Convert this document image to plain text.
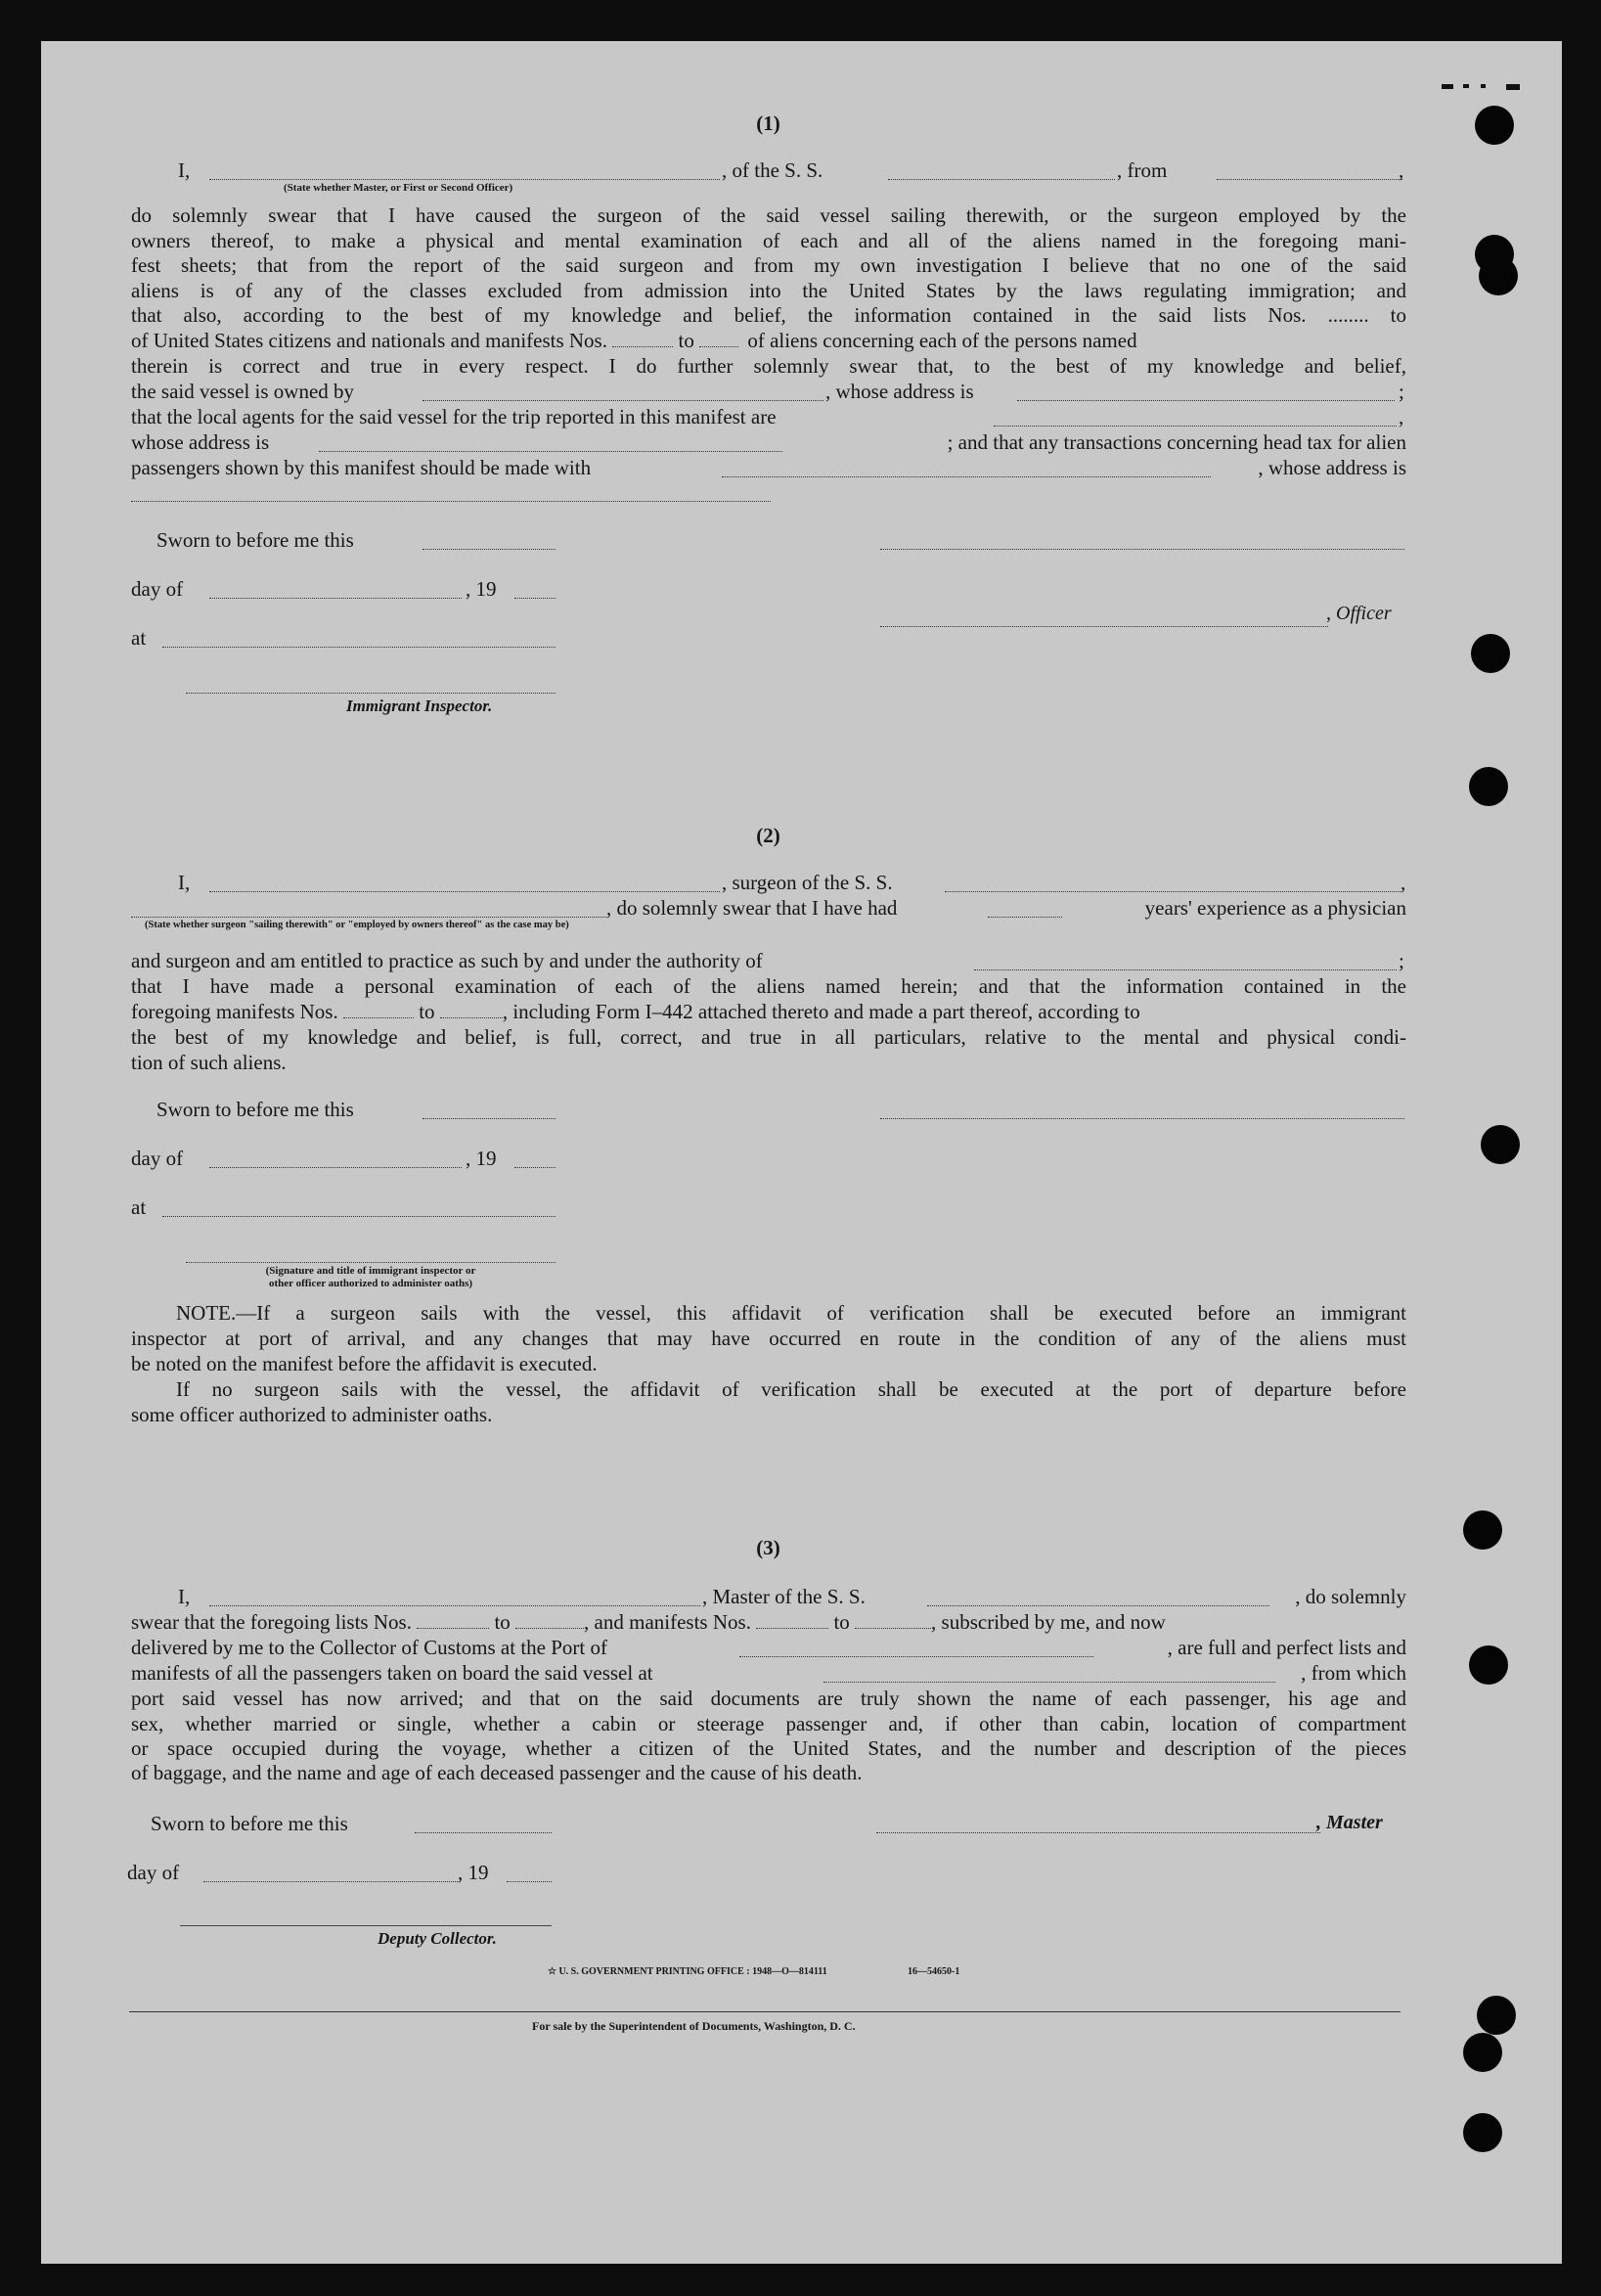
(1)
I,	, of the S. S.	, from	,
(State whether Master, or First or Second Officer)

do solemnly swear that I have caused the surgeon of the said vessel sailing therewith, or the surgeon employed by the
owners thereof, to make a physical and mental examination of each and all of the aliens named in the foregoing mani-
fest sheets; that from the report of the said surgeon and from my own investigation I believe that no one of the said
aliens is of any of the classes excluded from admission into the United States by the laws regulating immigration; and
that also, according to the best of my knowledge and belief, the information contained in the said lists Nos. ........ to

of United States citizens and nationals and manifests Nos.	to	of aliens concerning each of the persons named

therein is correct and true in every respect. I do further solemnly swear that, to the best of my knowledge and belief,

the said vessel is owned by	, whose address is	;
that the local agents for the said vessel for the trip reported in this manifest are	,
whose address is	; and that any transactions concerning head tax for alien
passengers shown by this manifest should be made with	, whose address is
Sworn to before me this
day of	, 19
, Officer
at
Immigrant Inspector.
(2)
I,	, surgeon of the S. S.	,
, do solemnly swear that I have had	years' experience as a physician
(State whether surgeon "sailing therewith" or "employed by owners thereof" as the case may be)
and surgeon and am entitled to practice as such by and under the authority of	;

that I have made a personal examination of each of the aliens named herein; and that the information contained in the

foregoing manifests Nos.	to	, including Form I–442 attached thereto and made a part thereof, according to

the best of my knowledge and belief, is full, correct, and true in all particulars, relative to the mental and physical condi-

tion of such aliens.
Sworn to before me this
day of	, 19
at
(Signature and title of immigrant inspector or
other officer authorized to administer oaths)

NOTE.—If a surgeon sails with the vessel, this affidavit of verification shall be executed before an immigrant
inspector at port of arrival, and any changes that may have occurred en route in the condition of any of the aliens must

be noted on the manifest before the affidavit is executed.

If no surgeon sails with the vessel, the affidavit of verification shall be executed at the port of departure before

some officer authorized to administer oaths.
(3)
I,	, Master of the S. S.	, do solemnly
swear that the foregoing lists Nos.	to	, and manifests Nos.	to	, subscribed by me, and now
delivered by me to the Collector of Customs at the Port of	, are full and perfect lists and
manifests of all the passengers taken on board the said vessel at	, from which

port said vessel has now arrived; and that on the said documents are truly shown the name of each passenger, his age and
sex, whether married or single, whether a cabin or steerage passenger and, if other than cabin, location of compartment
or space occupied during the voyage, whether a citizen of the United States, and the number and description of the pieces

of baggage, and the name and age of each deceased passenger and the cause of his death.
Sworn to before me this	, Master
day of	, 19
Deputy Collector.
☆ U. S. GOVERNMENT PRINTING OFFICE : 1948—O—814111	16—54650-1
For sale by the Superintendent of Documents, Washington, D. C.
